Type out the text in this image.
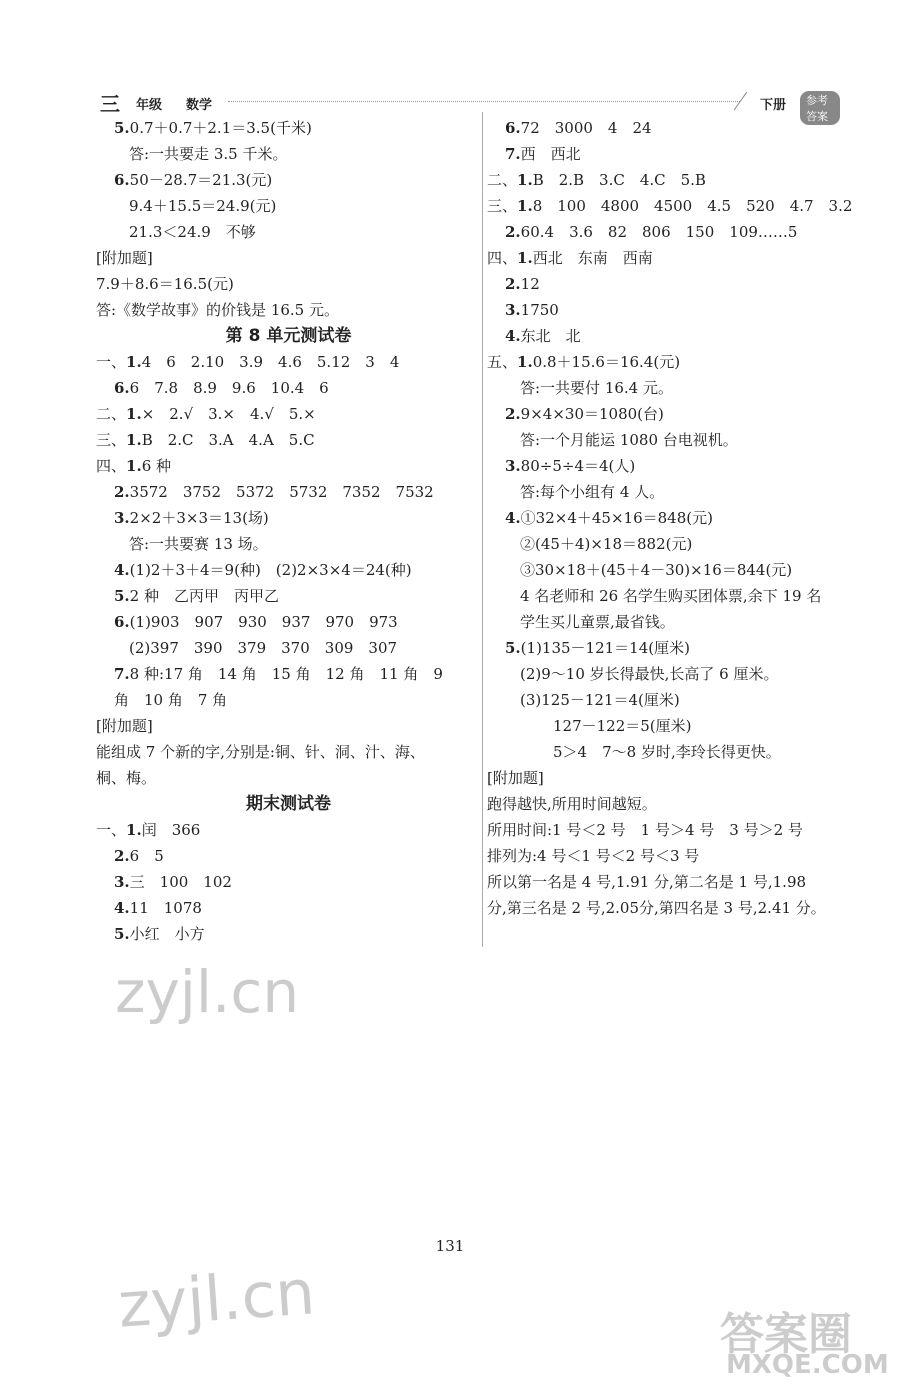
三 年级 数学	下册	参考答案
5.0.7＋0.7＋2.1＝3.5(千米)
答:一共要走 3.5 千米。
6.50－28.7＝21.3(元)
9.4＋15.5＝24.9(元)
21.3＜24.9　不够
[附加题]
7.9＋8.6＝16.5(元)
答:《数学故事》的价钱是 16.5 元。
第 8 单元测试卷
一、1.4　6　2.10　3.9　4.6　5.12　3　4
6.6　7.8　8.9　9.6　10.4　6
二、1.×　2.√　3.×　4.√　5.×
三、1.B　2.C　3.A　4.A　5.C
四、1.6 种
2.3572　3752　5372　5732　7352　7532
3.2×2＋3×3＝13(场)
答:一共要赛 13 场。
4.(1)2＋3＋4＝9(种)　(2)2×3×4＝24(种)
5.2 种　乙丙甲　丙甲乙
6.(1)903　907　930　937　970　973
(2)397　390　379　370　309　307
7.8 种:17 角　14 角　15 角　12 角　11 角　9
角　10 角　7 角
[附加题]
能组成 7 个新的字,分别是:铜、针、洞、汁、海、
桐、梅。
期末测试卷
一、1.闰　366
2.6　5
3.三　100　102
4.11　1078
5.小红　小方
6.72　3000　4　24
7.西　西北
二、1.B　2.B　3.C　4.C　5.B
三、1.8　100　4800　4500　4.5　520　4.7　3.2
2.60.4　3.6　82　806　150　109……5
四、1.西北　东南　西南
2.12
3.1750
4.东北　北
五、1.0.8＋15.6＝16.4(元)
答:一共要付 16.4 元。
2.9×4×30＝1080(台)
答:一个月能运 1080 台电视机。
3.80÷5÷4＝4(人)
答:每个小组有 4 人。
4.①32×4＋45×16＝848(元)
②(45＋4)×18＝882(元)
③30×18＋(45＋4－30)×16＝844(元)
4 名老师和 26 名学生购买团体票,余下 19 名
学生买儿童票,最省钱。
5.(1)135－121＝14(厘米)
(2)9～10 岁长得最快,长高了 6 厘米。
(3)125－121＝4(厘米)
127－122＝5(厘米)
5＞4　7～8 岁时,李玲长得更快。
[附加题]
跑得越快,所用时间越短。
所用时间:1 号＜2 号　1 号＞4 号　3 号＞2 号
排列为:4 号＜1 号＜2 号＜3 号
所以第一名是 4 号,1.91 分,第二名是 1 号,1.98
分,第三名是 2 号,2.05分,第四名是 3 号,2.41 分。
131
zyjl.cn
zyjl.cn	答案圈
MXQE.COM
